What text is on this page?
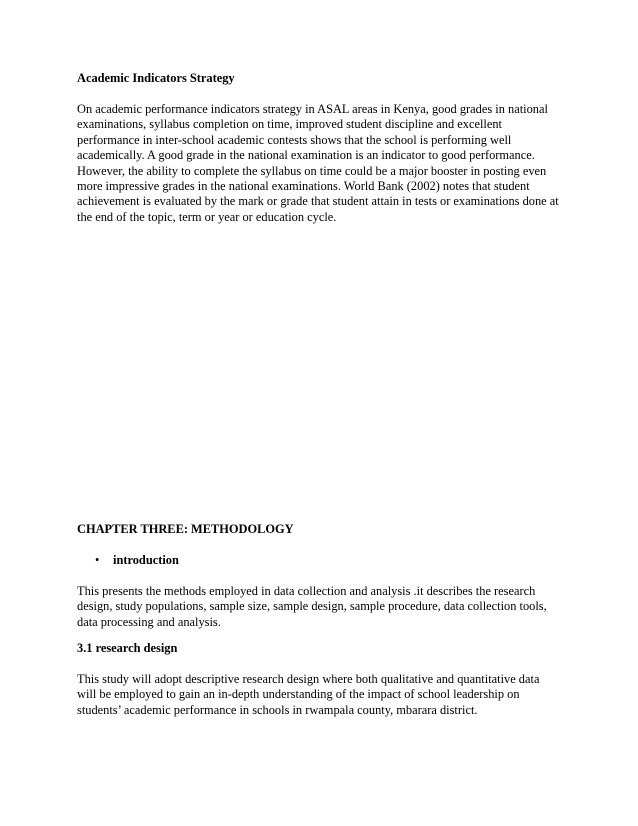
Academic Indicators Strategy
On academic performance indicators strategy in ASAL areas in Kenya, good grades in national
examinations, syllabus completion on time, improved student discipline and excellent
performance in inter-school academic contests shows that the school is performing well
academically. A good grade in the national examination is an indicator to good performance.
However, the ability to complete the syllabus on time could be a major booster in posting even
more impressive grades in the national examinations. World Bank (2002) notes that student
achievement is evaluated by the mark or grade that student attain in tests or examinations done at
the end of the topic, term or year or education cycle.
CHAPTER THREE: METHODOLOGY
• introduction
This presents the methods employed in data collection and analysis .it describes the research
design, study populations, sample size, sample design, sample procedure, data collection tools,
data processing and analysis.
3.1 research design
This study will adopt descriptive research design where both qualitative and quantitative data
will be employed to gain an in-depth understanding of the impact of school leadership on
students’ academic performance in schools in rwampala county, mbarara district.
